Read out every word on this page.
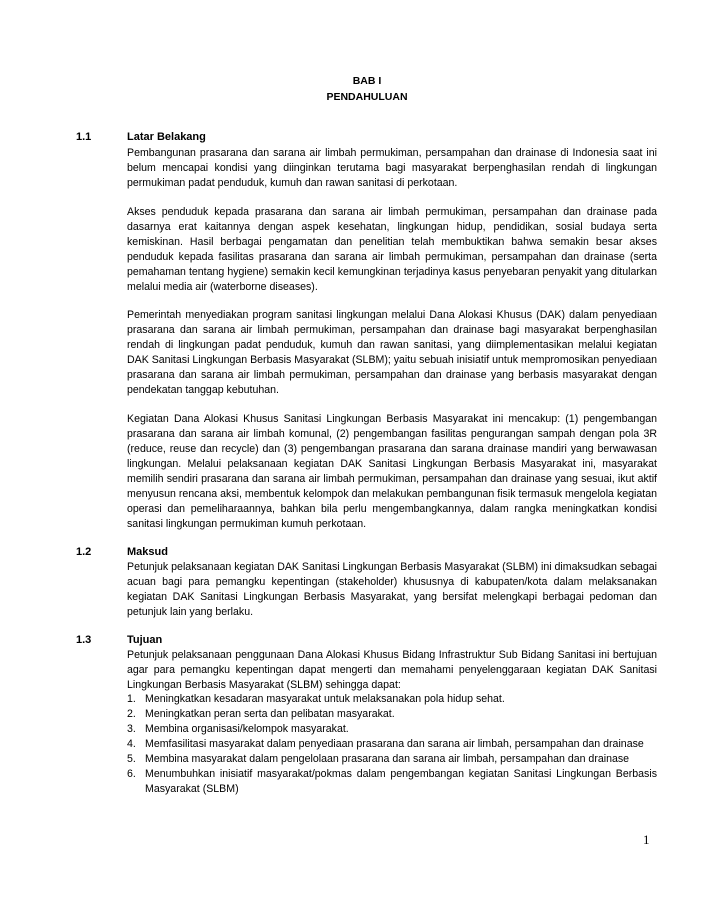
BAB I
PENDAHULUAN
1.1	Latar Belakang

Pembangunan prasarana dan sarana air limbah permukiman, persampahan dan drainase di Indonesia saat ini belum mencapai kondisi yang diinginkan terutama bagi masyarakat berpenghasilan rendah di lingkungan permukiman padat penduduk, kumuh dan rawan sanitasi di perkotaan.

Akses penduduk kepada prasarana dan sarana air limbah permukiman, persampahan dan drainase pada dasarnya erat kaitannya dengan aspek kesehatan, lingkungan hidup, pendidikan, sosial budaya serta kemiskinan. Hasil berbagai pengamatan dan penelitian telah membuktikan bahwa semakin besar akses penduduk kepada fasilitas prasarana dan sarana air limbah permukiman, persampahan dan drainase (serta pemahaman tentang hygiene) semakin kecil kemungkinan terjadinya kasus penyebaran penyakit yang ditularkan melalui media air (waterborne diseases).

Pemerintah menyediakan program sanitasi lingkungan melalui Dana Alokasi Khusus (DAK) dalam penyediaan prasarana dan sarana air limbah permukiman, persampahan dan drainase bagi masyarakat berpenghasilan rendah di lingkungan padat penduduk, kumuh dan rawan sanitasi, yang diimplementasikan melalui kegiatan DAK Sanitasi Lingkungan Berbasis Masyarakat (SLBM); yaitu sebuah inisiatif untuk mempromosikan penyediaan prasarana dan sarana air limbah permukiman, persampahan dan drainase yang berbasis masyarakat dengan pendekatan tanggap kebutuhan.

Kegiatan Dana Alokasi Khusus Sanitasi Lingkungan Berbasis Masyarakat ini mencakup: (1) pengembangan prasarana dan sarana air limbah komunal, (2) pengembangan fasilitas pengurangan sampah dengan pola 3R (reduce, reuse dan recycle) dan (3) pengembangan prasarana dan sarana drainase mandiri yang berwawasan lingkungan. Melalui pelaksanaan kegiatan DAK Sanitasi Lingkungan Berbasis Masyarakat ini, masyarakat memilih sendiri prasarana dan sarana air limbah permukiman, persampahan dan drainase yang sesuai, ikut aktif menyusun rencana aksi, membentuk kelompok dan melakukan pembangunan fisik termasuk mengelola kegiatan operasi dan pemeliharaannya, bahkan bila perlu mengembangkannya, dalam rangka meningkatkan kondisi sanitasi lingkungan permukiman kumuh perkotaan.

1.2	Maksud

Petunjuk pelaksanaan kegiatan DAK Sanitasi Lingkungan Berbasis Masyarakat (SLBM) ini dimaksudkan sebagai acuan bagi para pemangku kepentingan (stakeholder) khususnya di kabupaten/kota dalam melaksanakan kegiatan DAK Sanitasi Lingkungan Berbasis Masyarakat, yang bersifat melengkapi berbagai pedoman dan petunjuk lain yang berlaku.

1.3	Tujuan

Petunjuk pelaksanaan penggunaan Dana Alokasi Khusus Bidang Infrastruktur Sub Bidang Sanitasi ini bertujuan agar para pemangku kepentingan dapat mengerti dan memahami penyelenggaraan kegiatan DAK Sanitasi Lingkungan Berbasis Masyarakat (SLBM) sehingga dapat:

1. Meningkatkan kesadaran masyarakat untuk melaksanakan pola hidup sehat.
2. Meningkatkan peran serta dan pelibatan masyarakat.
3. Membina organisasi/kelompok masyarakat.
4. Memfasilitasi masyarakat dalam penyediaan prasarana dan sarana air limbah, persampahan dan drainase
5. Membina masyarakat dalam pengelolaan prasarana dan sarana air limbah, persampahan dan drainase
6. Menumbuhkan inisiatif masyarakat/pokmas dalam pengembangan kegiatan Sanitasi Lingkungan Berbasis Masyarakat (SLBM)
1
